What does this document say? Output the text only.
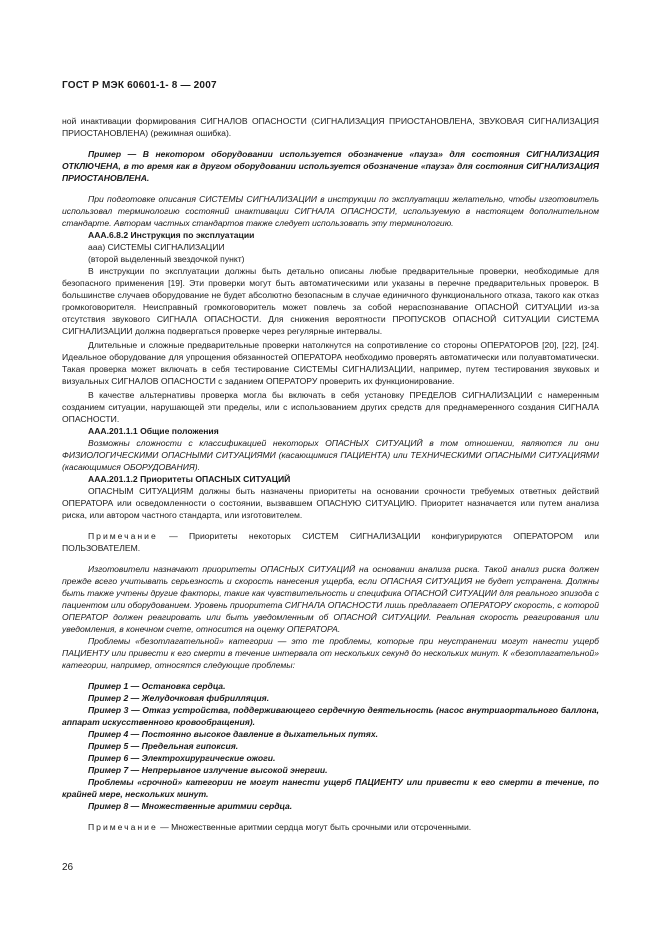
ГОСТ Р МЭК 60601-1- 8 — 2007

ной инактивации формирования СИГНАЛОВ ОПАСНОСТИ (СИГНАЛИЗАЦИЯ ПРИОСТАНОВЛЕНА, ЗВУКОВАЯ СИГНАЛИЗАЦИЯ ПРИОСТАНОВЛЕНА) (режимная ошибка).

Пример — В некотором оборудовании используется обозначение «пауза» для состояния СИГНАЛИЗАЦИЯ ОТКЛЮЧЕНА, в то время как в другом оборудовании используется обозначение «пауза» для состояния СИГНАЛИЗАЦИЯ ПРИОСТАНОВЛЕНА.

При подготовке описания СИСТЕМЫ СИГНАЛИЗАЦИИ в инструкции по эксплуатации желательно, чтобы изготовитель использовал терминологию состояний инактивации СИГНАЛА ОПАСНОСТИ, используемую в настоящем дополнительном стандарте. Авторам частных стандартов также следует использовать эту терминологию.

ААА.6.8.2 Инструкция по эксплуатации

ааа) СИСТЕМЫ СИГНАЛИЗАЦИИ

(второй выделенный звездочкой пункт)

В инструкции по эксплуатации должны быть детально описаны любые предварительные проверки, необходимые для безопасного применения [19]. Эти проверки могут быть автоматическими или указаны в перечне предварительных проверок. В большинстве случаев оборудование не будет абсолютно безопасным в случае единичного функционального отказа, такого как отказ громкоговорителя. Неисправный громкоговоритель может повлечь за собой нераспознавание ОПАСНОЙ СИТУАЦИИ из-за отсутствия звукового СИГНАЛА ОПАСНОСТИ. Для снижения вероятности ПРОПУСКОВ ОПАСНОЙ СИТУАЦИИ СИСТЕМА СИГНАЛИЗАЦИИ должна подвергаться проверке через регулярные интервалы.

Длительные и сложные предварительные проверки натолкнутся на сопротивление со стороны ОПЕРАТОРОВ [20], [22], [24]. Идеальное оборудование для упрощения обязанностей ОПЕРАТОРА необходимо проверять автоматически или полуавтоматически. Такая проверка может включать в себя тестирование СИСТЕМЫ СИГНАЛИЗАЦИИ, например, путем тестирования звуковых и визуальных СИГНАЛОВ ОПАСНОСТИ с заданием ОПЕРАТОРУ проверить их функционирование.

В качестве альтернативы проверка могла бы включать в себя установку ПРЕДЕЛОВ СИГНАЛИЗАЦИИ с намеренным созданием ситуации, нарушающей эти пределы, или с использованием других средств для преднамеренного создания СИГНАЛА ОПАСНОСТИ.

ААА.201.1.1 Общие положения

Возможны сложности с классификацией некоторых ОПАСНЫХ СИТУАЦИЙ в том отношении, являются ли они ФИЗИОЛОГИЧЕСКИМИ ОПАСНЫМИ СИТУАЦИЯМИ (касающимися ПАЦИЕНТА) или ТЕХНИЧЕСКИМИ ОПАСНЫМИ СИТУАЦИЯМИ (касающимися ОБОРУДОВАНИЯ).

ААА.201.1.2 Приоритеты ОПАСНЫХ СИТУАЦИЙ

ОПАСНЫМ СИТУАЦИЯМ должны быть назначены приоритеты на основании срочности требуемых ответных действий ОПЕРАТОРА или осведомленности о состоянии, вызвавшем ОПАСНУЮ СИТУАЦИЮ. Приоритет назначается или путем анализа риска, или автором частного стандарта, или изготовителем.

Примечание — Приоритеты некоторых СИСТЕМ СИГНАЛИЗАЦИИ конфигурируются ОПЕРАТОРОМ или ПОЛЬЗОВАТЕЛЕМ.

Изготовители назначают приоритеты ОПАСНЫХ СИТУАЦИЙ на основании анализа риска. Такой анализ риска должен прежде всего учитывать серьезность и скорость нанесения ущерба, если ОПАСНАЯ СИТУАЦИЯ не будет устранена. Должны быть также учтены другие факторы, такие как чувствительность и специфика ОПАСНОЙ СИТУАЦИИ для реального эпизода с пациентом или оборудованием. Уровень приоритета СИГНАЛА ОПАСНОСТИ лишь предлагает ОПЕРАТОРУ скорость, с которой ОПЕРАТОР должен реагировать или быть уведомленным об ОПАСНОЙ СИТУАЦИИ. Реальная скорость реагирования или уведомления, в конечном счете, относится на оценку ОПЕРАТОРА.

Проблемы «безотлагательной» категории — это те проблемы, которые при неустранении могут нанести ущерб ПАЦИЕНТУ или привести к его смерти в течение интервала от нескольких секунд до нескольких минут. К «безотлагательной» категории, например, относятся следующие проблемы:

Пример 1 — Остановка сердца.

Пример 2 — Желудочковая фибрилляция.

Пример 3 — Отказ устройства, поддерживающего сердечную деятельность (насос внутриаортального баллона, аппарат искусственного кровообращения).

Пример 4 — Постоянно высокое давление в дыхательных путях.

Пример 5 — Предельная гипоксия.

Пример 6 — Электрохирургические ожоги.

Пример 7 — Непрерывное излучение высокой энергии.

Проблемы «срочной» категории не могут нанести ущерб ПАЦИЕНТУ или привести к его смерти в течение, по крайней мере, нескольких минут.

Пример 8 — Множественные аритмии сердца.

Примечание — Множественные аритмии сердца могут быть срочными или отсроченными.

26
